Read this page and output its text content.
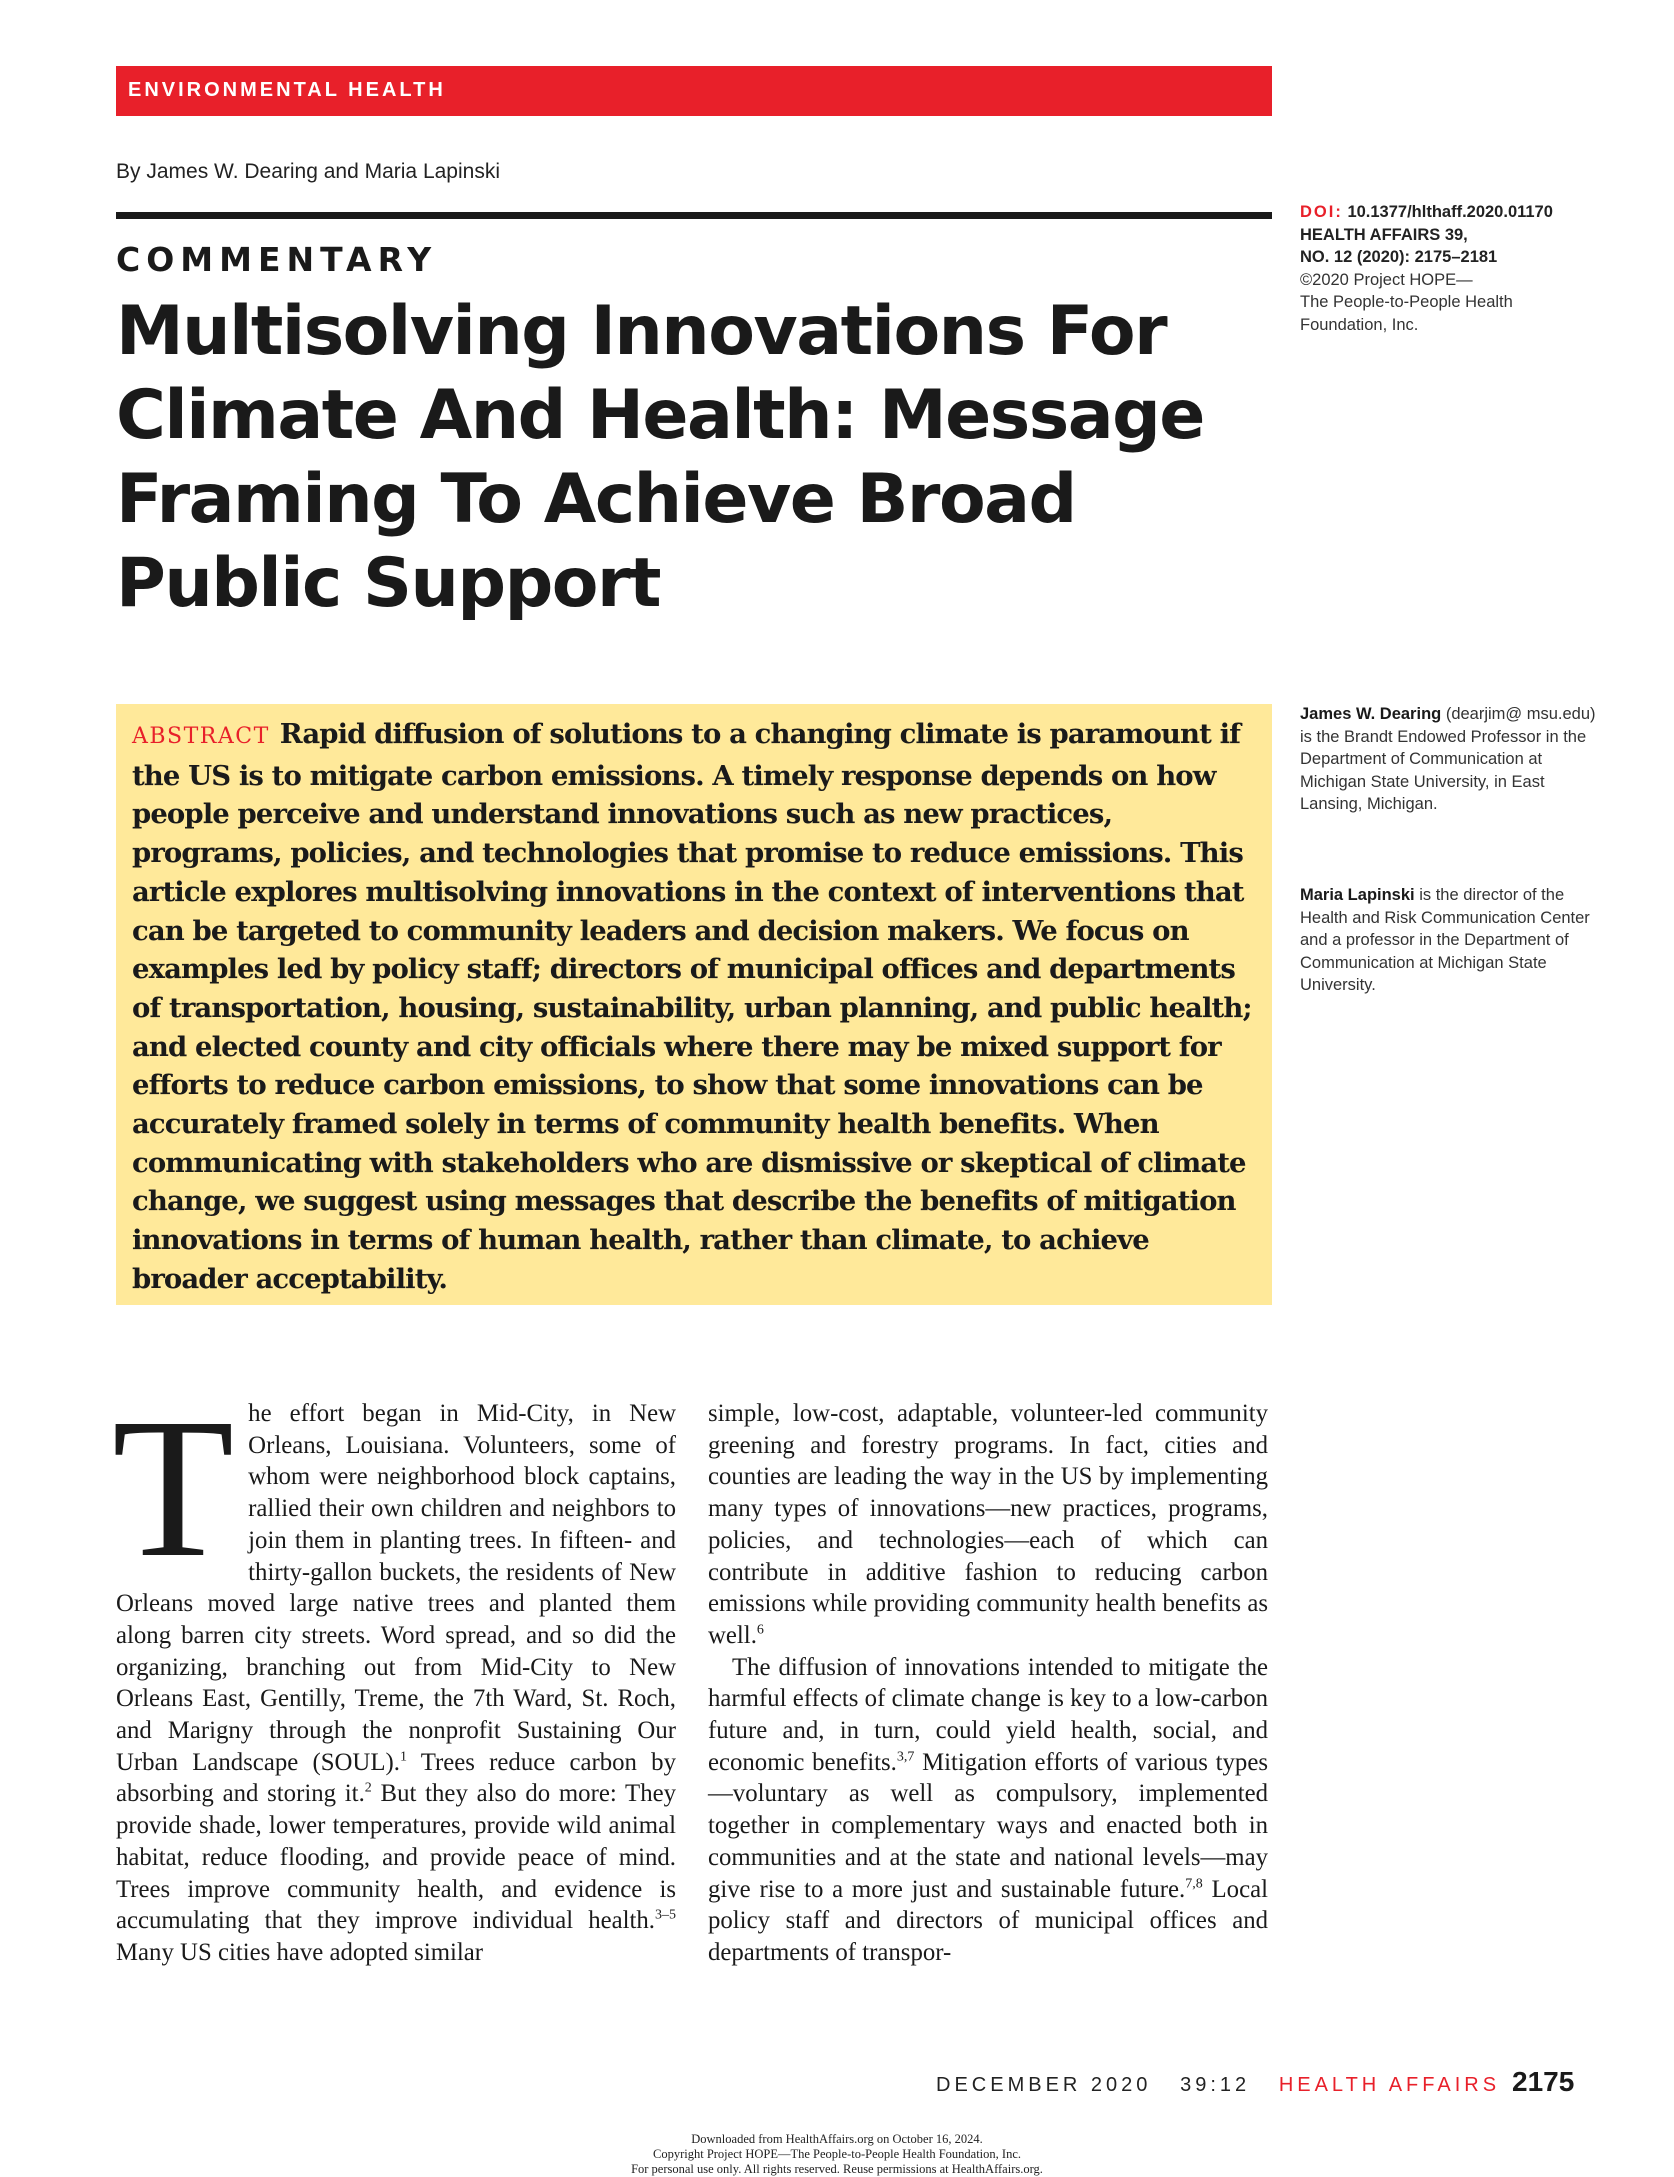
ENVIRONMENTAL HEALTH
By James W. Dearing and Maria Lapinski
COMMENTARY
Multisolving Innovations For Climate And Health: Message Framing To Achieve Broad Public Support
DOI: 10.1377/hlthaff.2020.01170
HEALTH AFFAIRS 39,
NO. 12 (2020): 2175–2181
©2020 Project HOPE—
The People-to-People Health
Foundation, Inc.
James W. Dearing (dearjim@ msu.edu) is the Brandt Endowed Professor in the Department of Communication at Michigan State University, in East Lansing, Michigan.
Maria Lapinski is the director of the Health and Risk Communication Center and a professor in the Department of Communication at Michigan State University.
ABSTRACT Rapid diffusion of solutions to a changing climate is paramount if the US is to mitigate carbon emissions. A timely response depends on how people perceive and understand innovations such as new practices, programs, policies, and technologies that promise to reduce emissions. This article explores multisolving innovations in the context of interventions that can be targeted to community leaders and decision makers. We focus on examples led by policy staff; directors of municipal offices and departments of transportation, housing, sustainability, urban planning, and public health; and elected county and city officials where there may be mixed support for efforts to reduce carbon emissions, to show that some innovations can be accurately framed solely in terms of community health benefits. When communicating with stakeholders who are dismissive or skeptical of climate change, we suggest using messages that describe the benefits of mitigation innovations in terms of human health, rather than climate, to achieve broader acceptability.

The effort began in Mid-City, in New Orleans, Louisiana. Volunteers, some of whom were neighborhood block captains, rallied their own children and neighbors to join them in planting trees. In fifteen- and thirty-gallon buckets, the residents of New Orleans moved large native trees and planted them along barren city streets. Word spread, and so did the organizing, branching out from Mid-City to New Orleans East, Gentilly, Treme, the 7th Ward, St. Roch, and Marigny through the nonprofit Sustaining Our Urban Landscape (SOUL).$^1$ Trees reduce carbon by absorbing and storing it.$^2$ But they also do more: They provide shade, lower temperatures, provide wild animal habitat, reduce flooding, and provide peace of mind. Trees improve community health, and evidence is accumulating that they improve individual health.$^{3-5}$ Many US cities have adopted similar

simple, low-cost, adaptable, volunteer-led community greening and forestry programs. In fact, cities and counties are leading the way in the US by implementing many types of innovations—new practices, programs, policies, and technologies—each of which can contribute in additive fashion to reducing carbon emissions while providing community health benefits as well.$^6$

The diffusion of innovations intended to mitigate the harmful effects of climate change is key to a low-carbon future and, in turn, could yield health, social, and economic benefits.$^{3,7}$ Mitigation efforts of various types—voluntary as well as compulsory, implemented together in complementary ways and enacted both in communities and at the state and national levels—may give rise to a more just and sustainable future.$^{7,8}$ Local policy staff and directors of municipal offices and departments of transpor-

DECEMBER 2020 39:12 HEALTH AFFAIRS 2175
Downloaded from HealthAffairs.org on October 16, 2024.
Copyright Project HOPE—The People-to-People Health Foundation, Inc.
For personal use only. All rights reserved. Reuse permissions at HealthAffairs.org.
